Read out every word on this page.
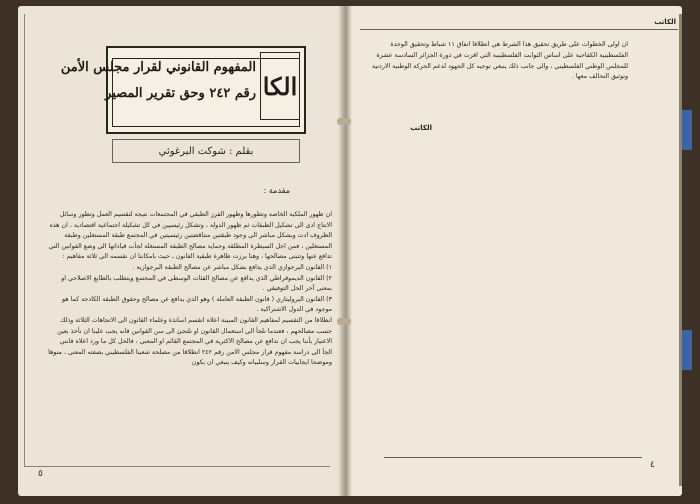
الكا
المفهوم القانوني لقرار مجلس الأمن
رقم ٢٤٢ وحق تقرير المصير
بقلم : شوكت البرغوثي
مقدمة :

ان ظهور الملكية الخاصة وتطورها وظهور الفرز الطبقي في المجتمعات نتيجة لتقسيم العمل وتطور وسائل الانتاج ادى الى تشكيل الطبقات ثم ظهور الدولة ، وتشكل رئيسيين في كل تشكيلة اجتماعية اقتصادية ، ان هذه الظروف ادت وبشكل مباشر الى وجود طبقتين متناقضتين رئيسيتين في المجتمع طبقة المستغلين وطبقة المستغلين ، فمن اجل السيطرة المطلقة وحماية مصالح الطبقة المستغلة لجأت قياداتها الى وضع القوانين التي تدافع عنها وتتبنى مصالحها ، وهنا برزت ظاهرة طبقية القانون ـ حيث بامكاننا ان نقسمه الى ثلاثة مفاهيم :

١) القانون البرجوازي الذي يدافع بشكل مباشر عن مصالح الطبقة البرجوازية .

٢) القانون الديموقراطي الذي يدافع عن مصالح الفئات الوسطى في المجتمع ويتطلب بالطابع الاصلاحي او بمعنى آخر الحل التوفيقي .

٣) القانون البروليتاري ( قانون الطبقة العاملة ) وهو الذي يدافع عن مصالح وحقوق الطبقة الكادحة كما هو موجود في الدول الاشتراكية .

انطلاقا من التقسيم لمفاهيم القانون المبينة اعلاه انقسم اساتذة وعلماء القانون الى الاتجاهات الثلاثة وذلك حسب مصالحهم ، فعندما نلجأ الى استعمال القانون او نلتجئ الى سن القوانين فانه يجب علينا ان نأخذ بعين الاعتبار بأننا يجب ان ندافع عن مصالح الاكثرية في المجتمع القائم او المعنى ، فالحل كل ما ورد اعلاه فانني الجأ الى دراسة مفهوم قرار مجلس الامن رقم ٢٤٢ انطلاقا من مصلحة شعبنا الفلسطيني بصفته المعنى ، منوها وموضحا ايجابيات القرار وسلبياته وكيف ينبغي ان يكون

٥
الكاتب

ان اولى الخطوات على طريق تحقيق هذا الشرط هي انطلاقا اتفاق ١١ شباط وتحقيق الوحدة الفلسطينية الكفاحية على اساس الثوابت الفلسطينية التي اقرت في دورة الجزائر السادسة عشرة للمجلس الوطني الفلسطيني ، والى جانب ذلك ينبغي توجيه كل الجهود لدعم الحركة الوطنية الاردنية وتوثيق التحالف معها .

الكاتب
٤
